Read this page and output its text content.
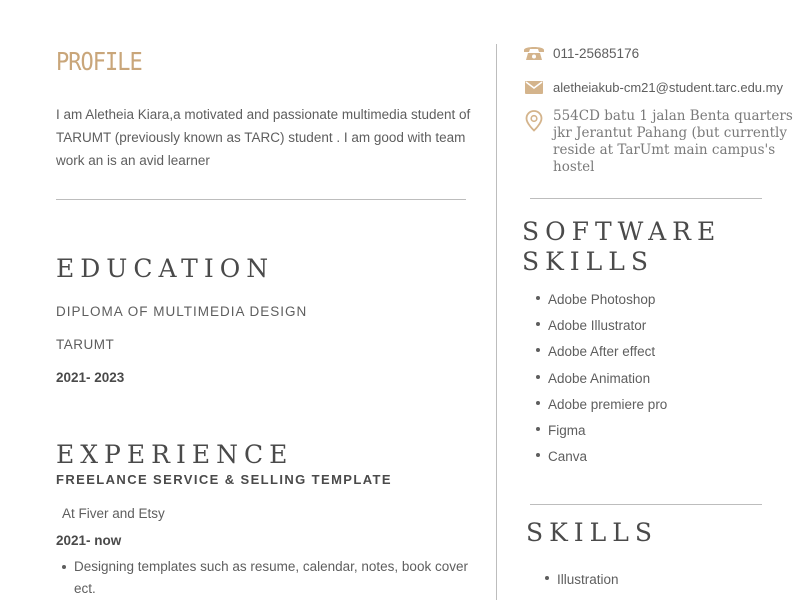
PROFILE
I am Aletheia Kiara,a motivated and passionate multimedia student of TARUMT (previously known as TARC) student . I am good with team work an is an avid learner
EDUCATION
DIPLOMA OF MULTIMEDIA DESIGN
TARUMT
2021- 2023
EXPERIENCE
FREELANCE SERVICE & SELLING TEMPLATE
At Fiver and Etsy
2021- now
Designing templates such as resume, calendar, notes, book cover ect.
011-25685176
aletheiakub-cm21@student.tarc.edu.my
554CD batu 1 jalan Benta quarters jkr Jerantut Pahang (but currently reside at TarUmt main campus's hostel
SOFTWARE
SKILLS
Adobe Photoshop
Adobe Illustrator
Adobe After effect
Adobe Animation
Adobe premiere pro
Figma
Canva
SKILLS
Illustration
